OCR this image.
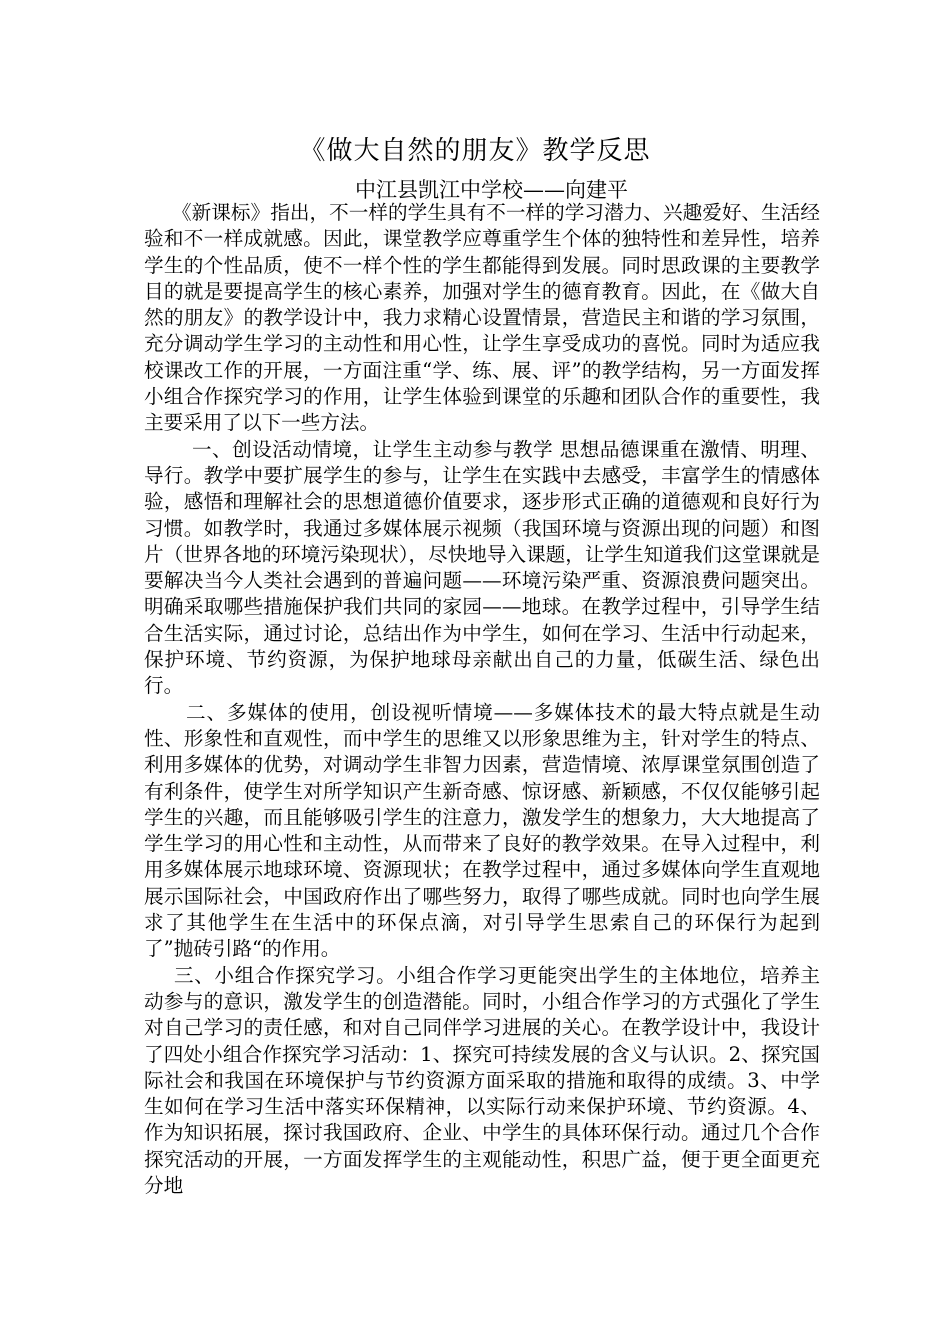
《做大自然的朋友》教学反思
中江县凯江中学校——向建平

《新课标》指出，不一样的学生具有不一样的学习潜力、兴趣爱好、生活经验和不一样成就感。因此，课堂教学应尊重学生个体的独特性和差异性，培养学生的个性品质，使不一样个性的学生都能得到发展。同时思政课的主要教学目的就是要提高学生的核心素养，加强对学生的德育教育。因此，在《做大自然的朋友》的教学设计中，我力求精心设置情景，营造民主和谐的学习氛围，充分调动学生学习的主动性和用心性，让学生享受成功的喜悦。同时为适应我校课改工作的开展，一方面注重“学、练、展、评”的教学结构，另一方面发挥小组合作探究学习的作用，让学生体验到课堂的乐趣和团队合作的重要性，我主要采用了以下一些方法。

一、创设活动情境，让学生主动参与教学 思想品德课重在激情、明理、导行。教学中要扩展学生的参与，让学生在实践中去感受，丰富学生的情感体验，感悟和理解社会的思想道德价值要求，逐步形式正确的道德观和良好行为习惯。如教学时，我通过多媒体展示视频（我国环境与资源出现的问题）和图片（世界各地的环境污染现状），尽快地导入课题，让学生知道我们这堂课就是要解决当今人类社会遇到的普遍问题——环境污染严重、资源浪费问题突出。明确采取哪些措施保护我们共同的家园——地球。在教学过程中，引导学生结合生活实际，通过讨论，总结出作为中学生，如何在学习、生活中行动起来，保护环境、节约资源，为保护地球母亲献出自己的力量，低碳生活、绿色出行。

二、多媒体的使用，创设视听情境——多媒体技术的最大特点就是生动性、形象性和直观性，而中学生的思维又以形象思维为主，针对学生的特点、利用多媒体的优势，对调动学生非智力因素，营造情境、浓厚课堂氛围创造了有利条件，使学生对所学知识产生新奇感、惊讶感、新颖感，不仅仅能够引起学生的兴趣，而且能够吸引学生的注意力，激发学生的想象力，大大地提高了学生学习的用心性和主动性，从而带来了良好的教学效果。在导入过程中，利用多媒体展示地球环境、资源现状；在教学过程中，通过多媒体向学生直观地展示国际社会，中国政府作出了哪些努力，取得了哪些成就。同时也向学生展求了其他学生在生活中的环保点滴，对引导学生思索自己的环保行为起到了”抛砖引路“的作用。

三、小组合作探究学习。小组合作学习更能突出学生的主体地位，培养主动参与的意识，激发学生的创造潜能。同时，小组合作学习的方式强化了学生对自己学习的责任感，和对自己同伴学习进展的关心。在教学设计中，我设计了四处小组合作探究学习活动：1、探究可持续发展的含义与认识。2、探究国际社会和我国在环境保护与节约资源方面采取的措施和取得的成绩。3、中学生如何在学习生活中落实环保精神，以实际行动来保护环境、节约资源。4、作为知识拓展，探讨我国政府、企业、中学生的具体环保行动。通过几个合作探究活动的开展，一方面发挥学生的主观能动性，积思广益，便于更全面更充分地
